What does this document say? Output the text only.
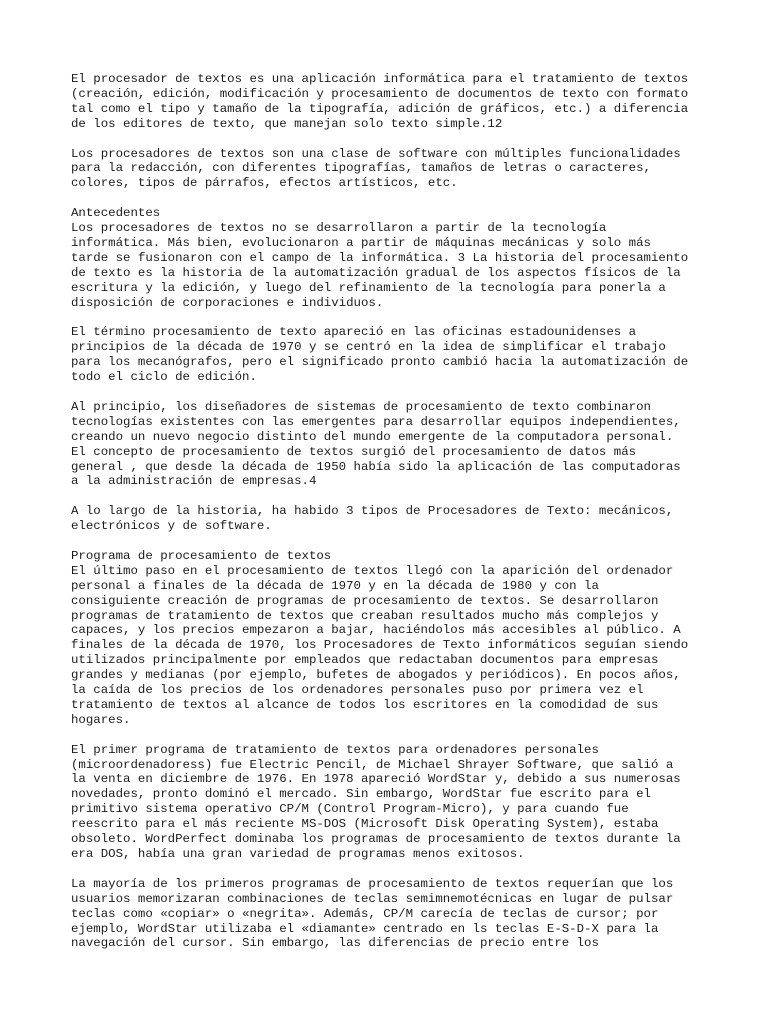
El procesador de textos es una aplicación informática para el tratamiento de textos
(creación, edición, modificación y procesamiento de documentos de texto con formato
tal como el tipo y tamaño de la tipografía, adición de gráficos, etc.) a diferencia
de los editores de texto, que manejan solo texto simple.12

Los procesadores de textos son una clase de software con múltiples funcionalidades
para la redacción, con diferentes tipografías, tamaños de letras o caracteres,
colores, tipos de párrafos, efectos artísticos, etc.

Antecedentes
Los procesadores de textos no se desarrollaron a partir de la tecnología
informática. Más bien, evolucionaron a partir de máquinas mecánicas y solo más
tarde se fusionaron con el campo de la informática. 3 La historia del procesamiento
de texto es la historia de la automatización gradual de los aspectos físicos de la
escritura y la edición, y luego del refinamiento de la tecnología para ponerla a
disposición de corporaciones e individuos.

El término procesamiento de texto apareció en las oficinas estadounidenses a
principios de la década de 1970 y se centró en la idea de simplificar el trabajo
para los mecanógrafos, pero el significado pronto cambió hacia la automatización de
todo el ciclo de edición.

Al principio, los diseñadores de sistemas de procesamiento de texto combinaron
tecnologías existentes con las emergentes para desarrollar equipos independientes,
creando un nuevo negocio distinto del mundo emergente de la computadora personal.
El concepto de procesamiento de textos surgió del procesamiento de datos más
general , que desde la década de 1950 había sido la aplicación de las computadoras
a la administración de empresas.4

A lo largo de la historia, ha habido 3 tipos de Procesadores de Texto: mecánicos,
electrónicos y de software.

Programa de procesamiento de textos
El último paso en el procesamiento de textos llegó con la aparición del ordenador
personal a finales de la década de 1970 y en la década de 1980 y con la
consiguiente creación de programas de procesamiento de textos. Se desarrollaron
programas de tratamiento de textos que creaban resultados mucho más complejos y
capaces, y los precios empezaron a bajar, haciéndolos más accesibles al público. A
finales de la década de 1970, los Procesadores de Texto informáticos seguían siendo
utilizados principalmente por empleados que redactaban documentos para empresas
grandes y medianas (por ejemplo, bufetes de abogados y periódicos). En pocos años,
la caída de los precios de los ordenadores personales puso por primera vez el
tratamiento de textos al alcance de todos los escritores en la comodidad de sus
hogares.

El primer programa de tratamiento de textos para ordenadores personales
(microordenadoress) fue Electric Pencil, de Michael Shrayer Software, que salió a
la venta en diciembre de 1976. En 1978 apareció WordStar y, debido a sus numerosas
novedades, pronto dominó el mercado. Sin embargo, WordStar fue escrito para el
primitivo sistema operativo CP/M (Control Program-Micro), y para cuando fue
reescrito para el más reciente MS-DOS (Microsoft Disk Operating System), estaba
obsoleto. WordPerfect dominaba los programas de procesamiento de textos durante la
era DOS, había una gran variedad de programas menos exitosos.

La mayoría de los primeros programas de procesamiento de textos requerían que los
usuarios memorizaran combinaciones de teclas semimnemotécnicas en lugar de pulsar
teclas como «copiar» o «negrita». Además, CP/M carecía de teclas de cursor; por
ejemplo, WordStar utilizaba el «diamante» centrado en ls teclas E-S-D-X para la
navegación del cursor. Sin embargo, las diferencias de precio entre los
